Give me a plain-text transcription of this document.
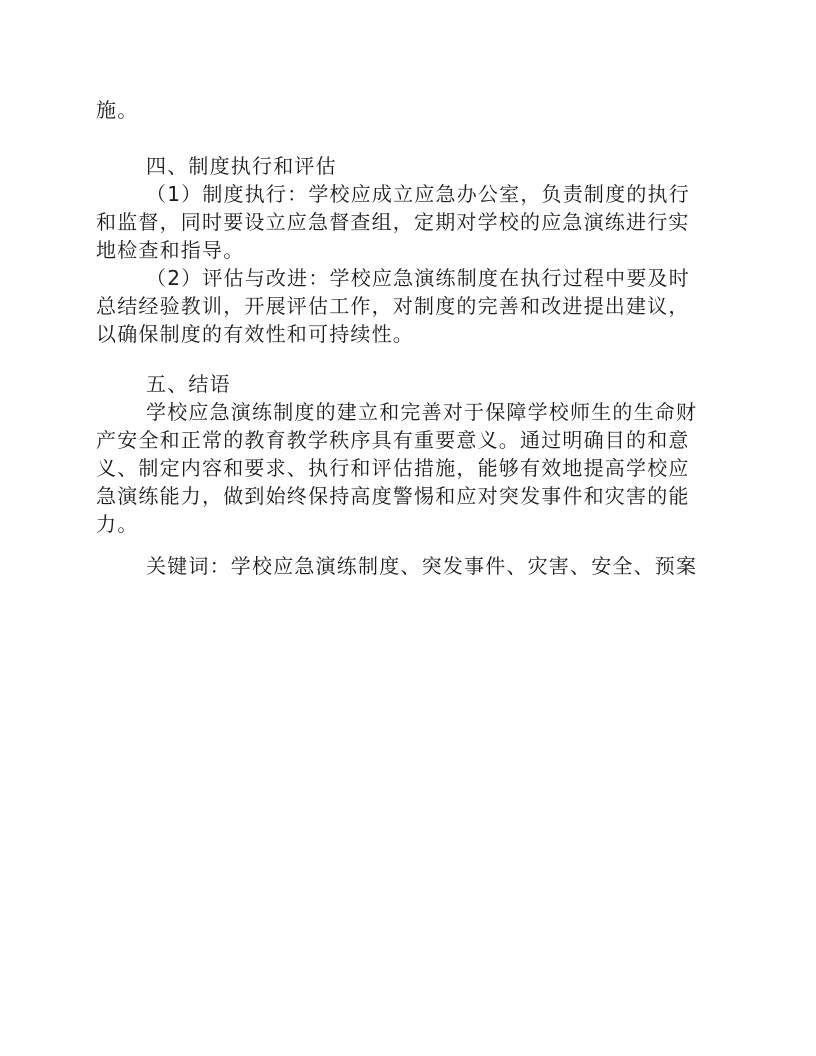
施。
四、制度执行和评估
（1）制度执行：学校应成立应急办公室，负责制度的执行
和监督，同时要设立应急督查组，定期对学校的应急演练进行实
地检查和指导。
（2）评估与改进：学校应急演练制度在执行过程中要及时
总结经验教训，开展评估工作，对制度的完善和改进提出建议，
以确保制度的有效性和可持续性。
五、结语
学校应急演练制度的建立和完善对于保障学校师生的生命财
产安全和正常的教育教学秩序具有重要意义。通过明确目的和意
义、制定内容和要求、执行和评估措施，能够有效地提高学校应
急演练能力，做到始终保持高度警惕和应对突发事件和灾害的能
力。
关键词：学校应急演练制度、突发事件、灾害、安全、预案
